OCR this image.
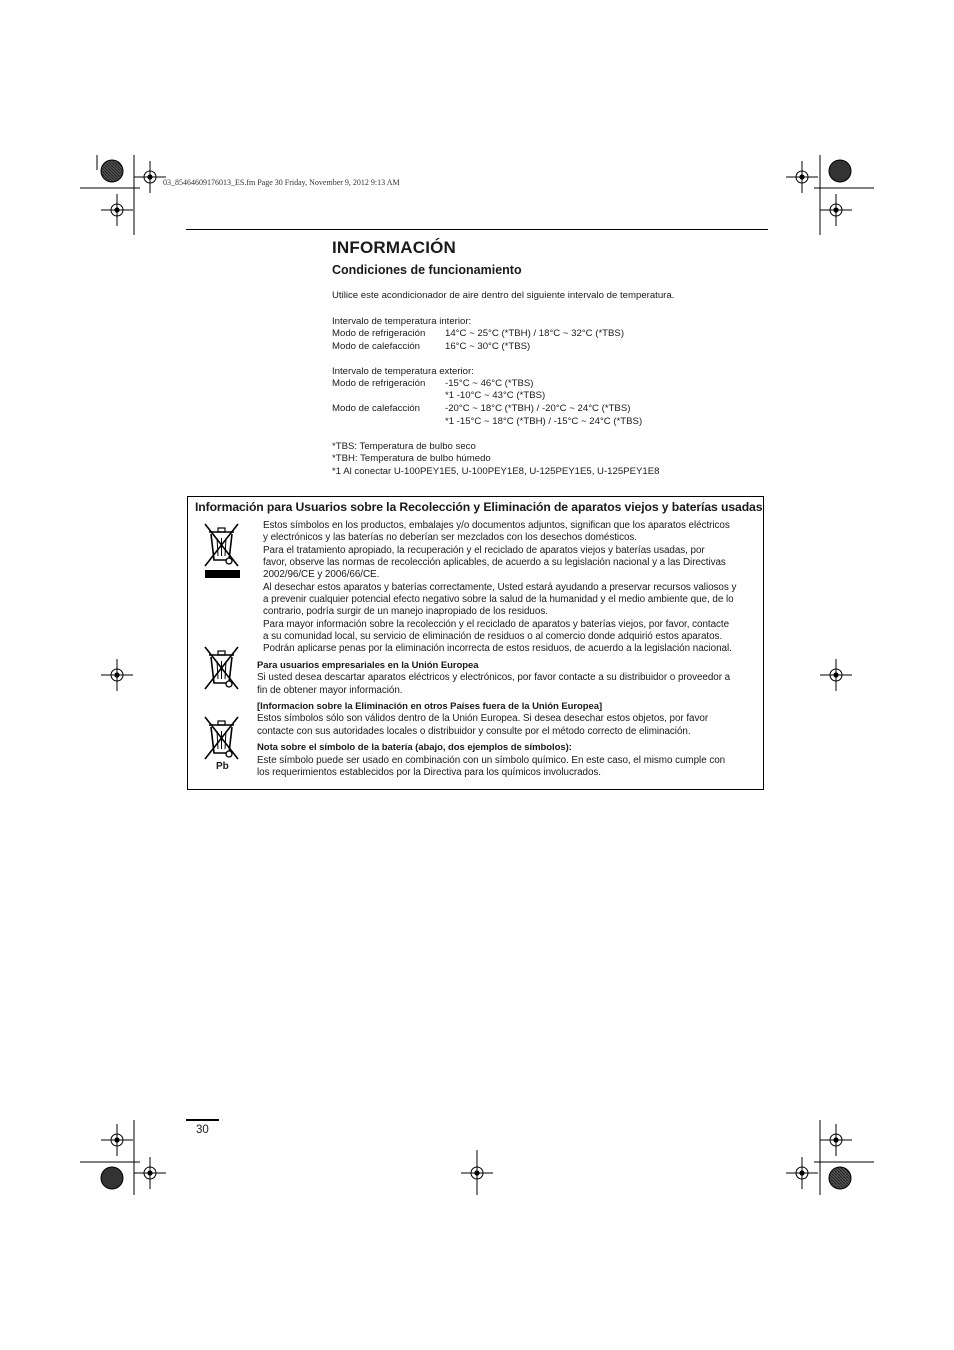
03_85464609176013_ES.fm Page 30 Friday, November 9, 2012 9:13 AM
INFORMACIÓN
Condiciones de funcionamiento
Utilice este acondicionador de aire dentro del siguiente intervalo de temperatura.
Intervalo de temperatura interior:
Modo de refrigeración 14°C ~ 25°C (*TBH) / 18°C ~ 32°C (*TBS)
Modo de calefacción	16°C ~ 30°C (*TBS)
Intervalo de temperatura exterior:
Modo de refrigeración -15°C ~ 46°C (*TBS)
*1 -10°C ~ 43°C (*TBS)
Modo de calefacción	-20°C ~ 18°C (*TBH) / -20°C ~ 24°C (*TBS)
*1 -15°C ~ 18°C (*TBH) / -15°C ~ 24°C (*TBS)
*TBS: Temperatura de bulbo seco
*TBH: Temperatura de bulbo húmedo
*1 Al conectar U-100PEY1E5, U-100PEY1E8, U-125PEY1E5, U-125PEY1E8
Información para Usuarios sobre la Recolección y Eliminación de aparatos viejos y baterías usadas
Pb
Estos símbolos en los productos, embalajes y/o documentos adjuntos, significan que los aparatos eléctricos
y electrónicos y las baterías no deberían ser mezclados con los desechos domésticos.
Para el tratamiento apropiado, la recuperación y el reciclado de aparatos viejos y baterías usadas, por
favor, observe las normas de recolección aplicables, de acuerdo a su legislación nacional y a las Directivas
2002/96/CE y 2006/66/CE.
Al desechar estos aparatos y baterías correctamente, Usted estará ayudando a preservar recursos valiosos y
a prevenir cualquier potencial efecto negativo sobre la salud de la humanidad y el medio ambiente que, de lo
contrario, podría surgir de un manejo inapropiado de los residuos.
Para mayor información sobre la recolección y el reciclado de aparatos y baterías viejos, por favor, contacte
a su comunidad local, su servicio de eliminación de residuos o al comercio donde adquirió estos aparatos.
Podrán aplicarse penas por la eliminación incorrecta de estos residuos, de acuerdo a la legislación nacional.
Para usuarios empresariales en la Unión Europea
Si usted desea descartar aparatos eléctricos y electrónicos, por favor contacte a su distribuidor o proveedor a
fin de obtener mayor información.
[Informacion sobre la Eliminación en otros Países fuera de la Unión Europea]
Estos símbolos sólo son válidos dentro de la Unión Europea. Si desea desechar estos objetos, por favor
contacte con sus autoridades locales o distribuidor y consulte por el método correcto de eliminación.
Nota sobre el símbolo de la batería (abajo, dos ejemplos de símbolos):
Este símbolo puede ser usado en combinación con un símbolo químico. En este caso, el mismo cumple con
los requerimientos establecidos por la Directiva para los químicos involucrados.
30
